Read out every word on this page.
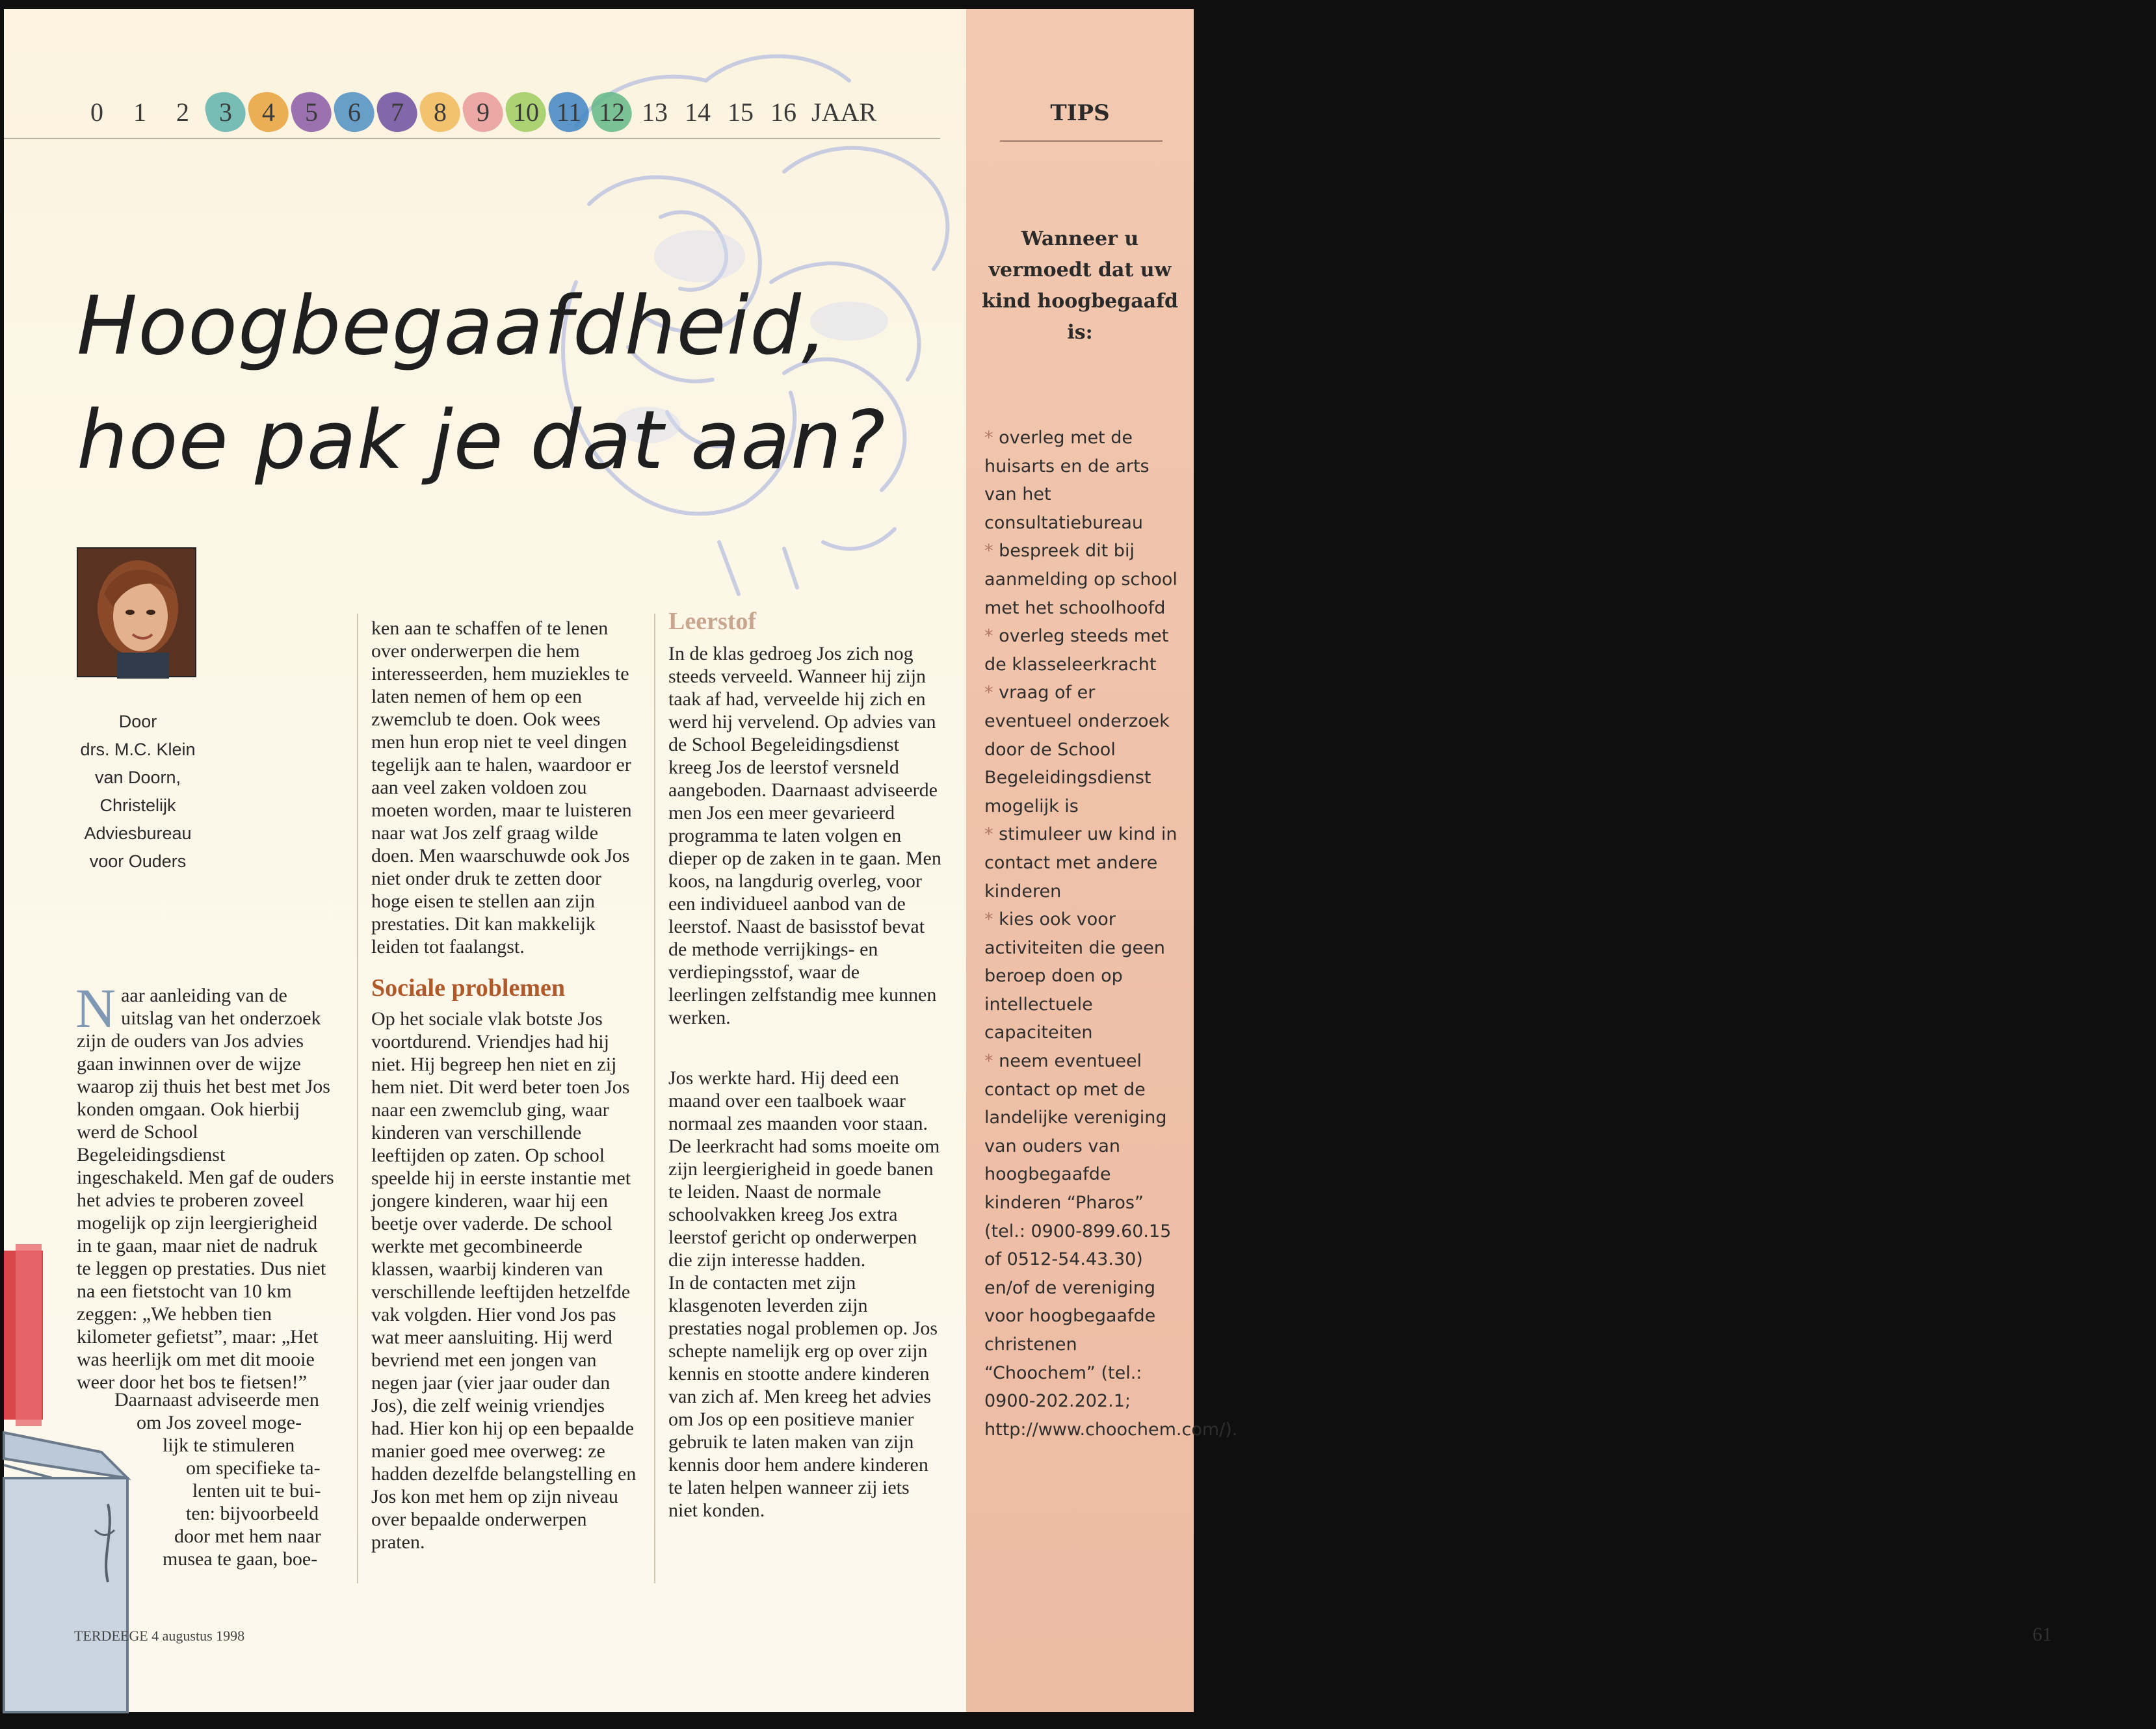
0 1 2 3 4 5 6 7 8 9 10 11 12 13 14 15 16 JAAR
Hoogbegaafdheid,
hoe pak je dat aan?
Door
drs. M.C. Klein
van Doorn,
Christelijk
Adviesbureau
voor Ouders

Naar aanleiding van de uitslag van het onderzoek zijn de ouders van Jos advies gaan inwinnen over de wijze waarop zij thuis het best met Jos konden omgaan. Ook hierbij werd de School Begeleidingsdienst ingeschakeld. Men gaf de ouders het advies te proberen zoveel mogelijk op zijn leergierigheid in te gaan, maar niet de nadruk te leggen op prestaties. Dus niet na een fietstocht van 10 km zeggen: „We hebben tien kilometer gefietst”, maar: „Het was heerlijk om met dit mooie weer door het bos te fietsen!”

Daarnaast adviseerde men
om Jos zoveel moge-
lijk te stimuleren
om specifieke ta-
lenten uit te bui-
ten: bijvoorbeeld
door met hem naar
musea te gaan, boe-

ken aan te schaffen of te lenen over onderwerpen die hem interesseerden, hem muziekles te laten nemen of hem op een zwemclub te doen. Ook wees men hun erop niet te veel dingen tegelijk aan te halen, waardoor er aan veel zaken voldoen zou moeten worden, maar te luisteren naar wat Jos zelf graag wilde doen. Men waarschuwde ook Jos niet onder druk te zetten door hoge eisen te stellen aan zijn prestaties. Dit kan makkelijk leiden tot faalangst.

Sociale problemen

Op het sociale vlak botste Jos voortdurend. Vriendjes had hij niet. Hij begreep hen niet en zij hem niet. Dit werd beter toen Jos naar een zwemclub ging, waar kinderen van verschillende leeftijden op zaten. Op school speelde hij in eerste instantie met jongere kinderen, waar hij een beetje over vaderde. De school werkte met gecombineerde klassen, waarbij kinderen van verschillende leeftijden hetzelfde vak volgden. Hier vond Jos pas wat meer aansluiting. Hij werd bevriend met een jongen van negen jaar (vier jaar ouder dan Jos), die zelf weinig vriendjes had. Hier kon hij op een bepaalde manier goed mee overweg: ze hadden dezelfde belangstelling en Jos kon met hem op zijn niveau over bepaalde onderwerpen praten.

Leerstof

In de klas gedroeg Jos zich nog steeds verveeld. Wanneer hij zijn taak af had, verveelde hij zich en werd hij vervelend. Op advies van de School Begeleidingsdienst kreeg Jos de leerstof versneld aangeboden. Daarnaast adviseerde men Jos een meer gevarieerd programma te laten volgen en dieper op de zaken in te gaan. Men koos, na langdurig overleg, voor een individueel aanbod van de leerstof. Naast de basisstof bevat de methode verrijkings- en verdiepingsstof, waar de leerlingen zelfstandig mee kunnen werken.

Jos werkte hard. Hij deed een maand over een taalboek waar normaal zes maanden voor staan. De leerkracht had soms moeite om zijn leergierigheid in goede banen te leiden. Naast de normale schoolvakken kreeg Jos extra leerstof gericht op onderwerpen die zijn interesse hadden.

In de contacten met zijn klasgenoten leverden zijn prestaties nogal problemen op. Jos schepte namelijk erg op over zijn kennis en stootte andere kinderen van zich af. Men kreeg het advies om Jos op een positieve manier gebruik te laten maken van zijn kennis door hem andere kinderen te laten helpen wanneer zij iets niet konden.

TERDEEGE 4 augustus 1998
TIPS
Wanneer u vermoedt dat uw kind hoogbegaafd is:
* overleg met de huisarts en de arts van het consultatiebureau
* bespreek dit bij aanmelding op school met het schoolhoofd
* overleg steeds met de klasseleerkracht
* vraag of er eventueel onderzoek door de School Begeleidingsdienst mogelijk is
* stimuleer uw kind in contact met andere kinderen
* kies ook voor activiteiten die geen beroep doen op intellectuele capaciteiten
* neem eventueel contact op met de landelijke vereniging van ouders van hoogbegaafde kinderen “Pharos” (tel.: 0900-899.60.15 of 0512-54.43.30) en/of de vereniging voor hoogbegaafde christenen “Choochem” (tel.: 0900-202.202.1; http://www.choochem.com/).
61
